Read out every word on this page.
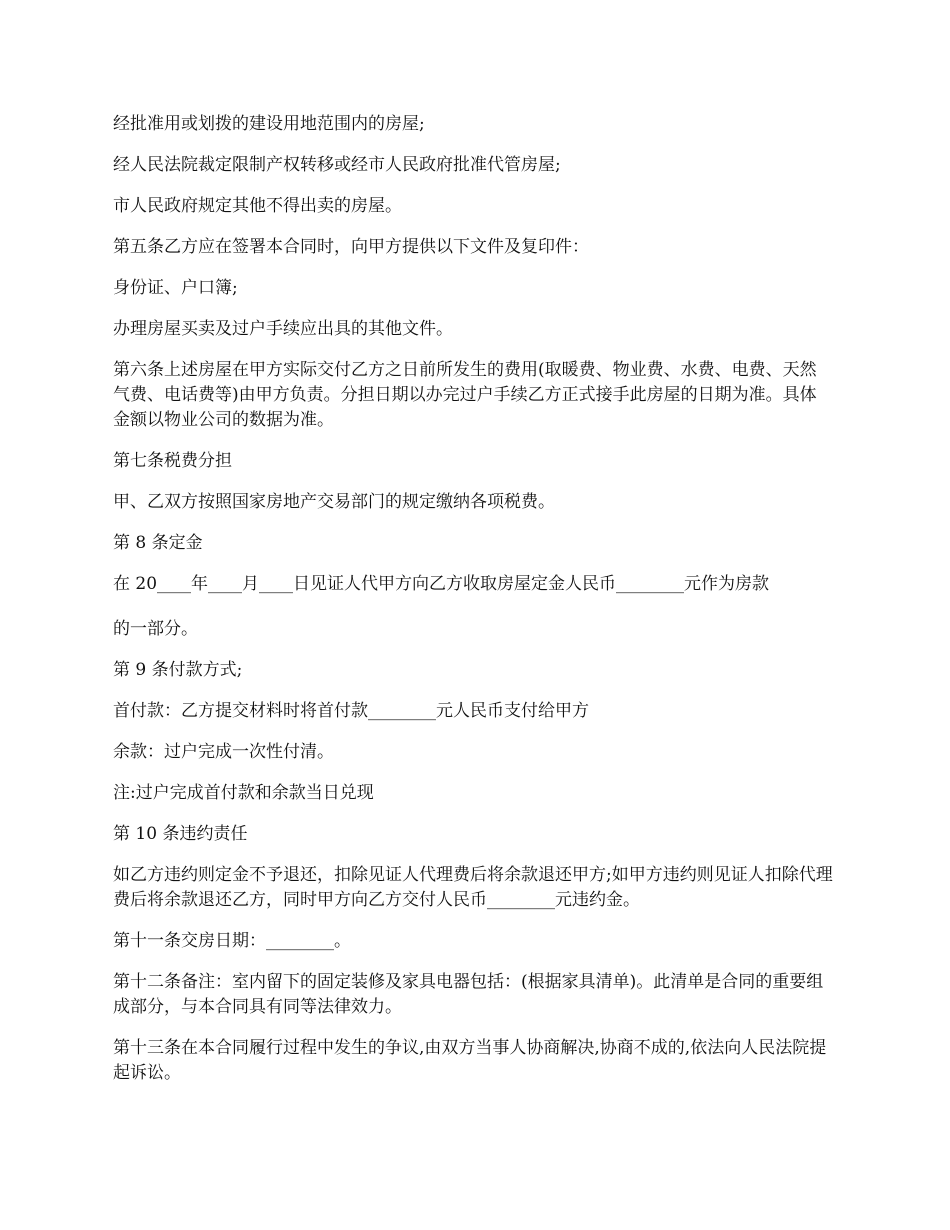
经批准用或划拨的建设用地范围内的房屋;

经人民法院裁定限制产权转移或经市人民政府批准代管房屋;

市人民政府规定其他不得出卖的房屋。

第五条乙方应在签署本合同时，向甲方提供以下文件及复印件：

身份证、户口簿;

办理房屋买卖及过户手续应出具的其他文件。

第六条上述房屋在甲方实际交付乙方之日前所发生的费用(取暖费、物业费、水费、电费、天然气费、电话费等)由甲方负责。分担日期以办完过户手续乙方正式接手此房屋的日期为准。具体金额以物业公司的数据为准。

第七条税费分担

甲、乙双方按照国家房地产交易部门的规定缴纳各项税费。

第 8 条定金

在 20____年____月____日见证人代甲方向乙方收取房屋定金人民币________元作为房款

的一部分。

第 9 条付款方式;

首付款：乙方提交材料时将首付款________元人民币支付给甲方

余款：过户完成一次性付清。

注:过户完成首付款和余款当日兑现

第 10 条违约责任

如乙方违约则定金不予退还，扣除见证人代理费后将余款退还甲方;如甲方违约则见证人扣除代理费后将余款退还乙方，同时甲方向乙方交付人民币________元违约金。

第十一条交房日期：________。

第十二条备注：室内留下的固定装修及家具电器包括：(根据家具清单)。此清单是合同的重要组成部分，与本合同具有同等法律效力。

第十三条在本合同履行过程中发生的争议,由双方当事人协商解决,协商不成的,依法向人民法院提起诉讼。
